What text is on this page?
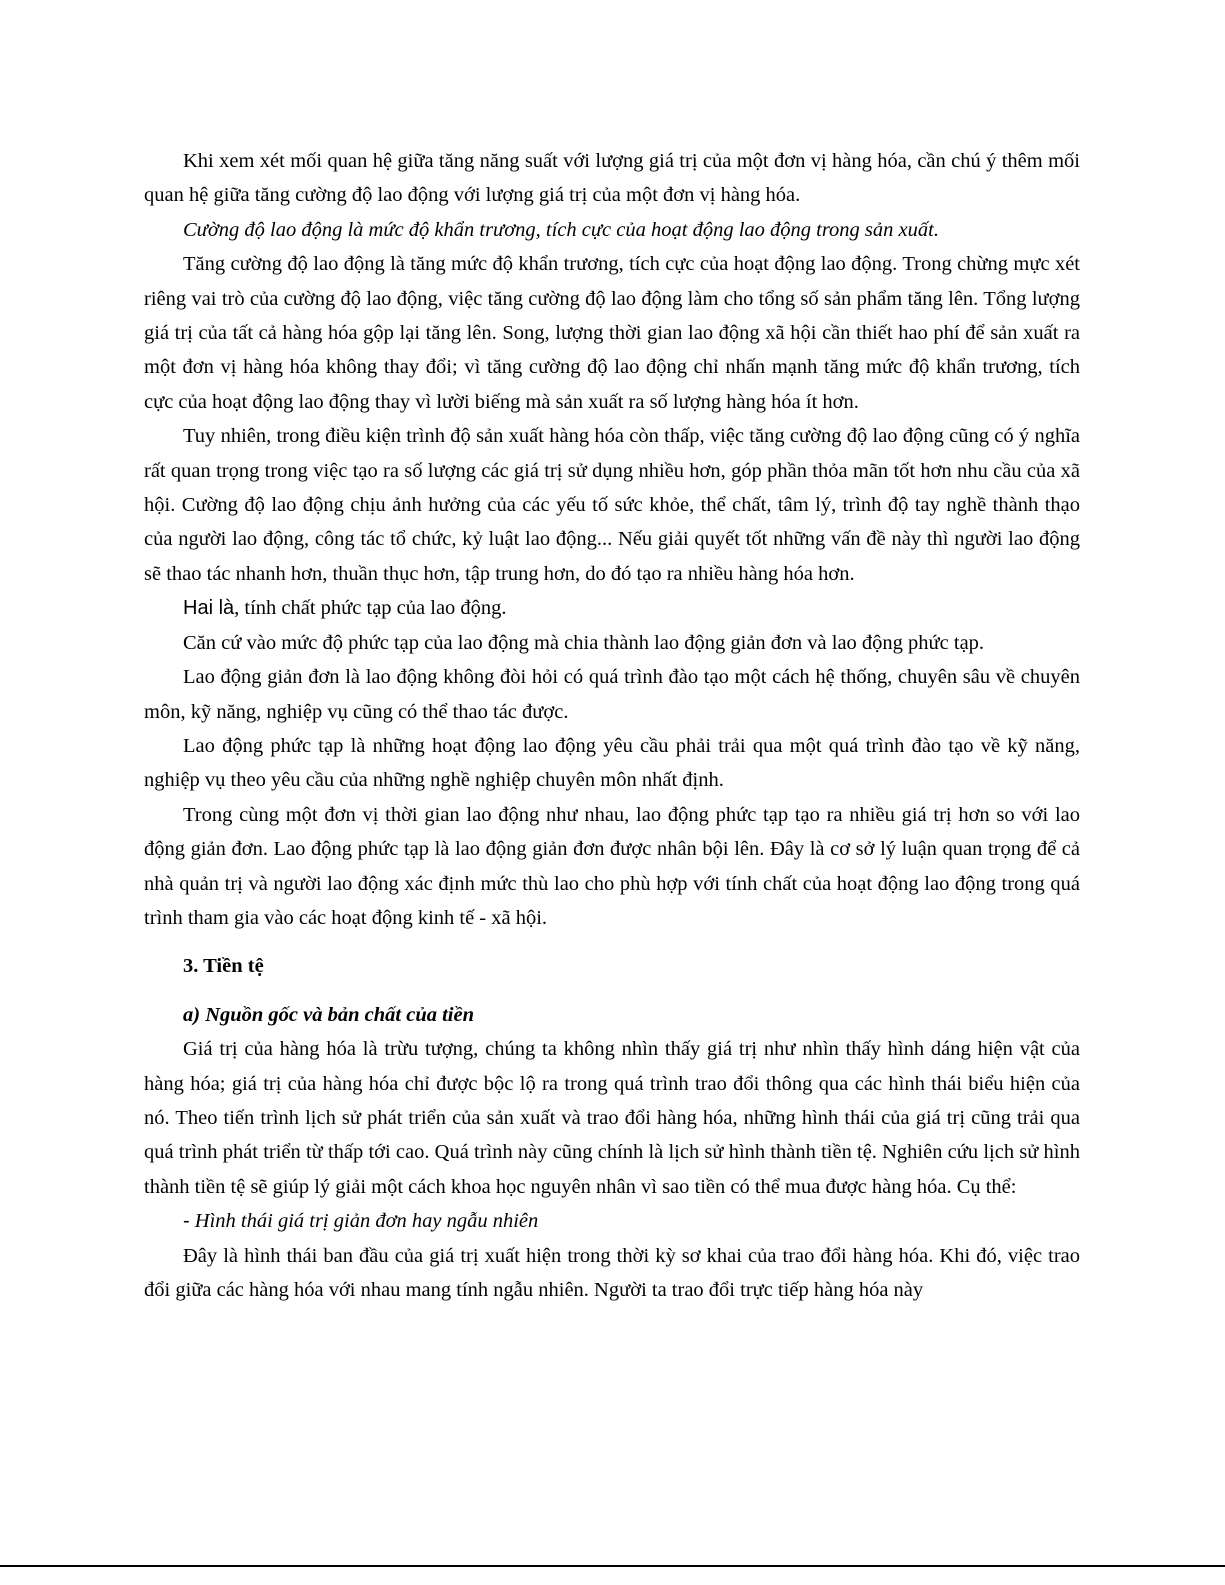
Khi xem xét mối quan hệ giữa tăng năng suất với lượng giá trị của một đơn vị hàng hóa, cần chú ý thêm mối quan hệ giữa tăng cường độ lao động với lượng giá trị của một đơn vị hàng hóa.

Cường độ lao động là mức độ khẩn trương, tích cực của hoạt động lao động trong sản xuất.

Tăng cường độ lao động là tăng mức độ khẩn trương, tích cực của hoạt động lao động. Trong chừng mực xét riêng vai trò của cường độ lao động, việc tăng cường độ lao động làm cho tổng số sản phẩm tăng lên. Tổng lượng giá trị của tất cả hàng hóa gộp lại tăng lên. Song, lượng thời gian lao động xã hội cần thiết hao phí để sản xuất ra một đơn vị hàng hóa không thay đổi; vì tăng cường độ lao động chỉ nhấn mạnh tăng mức độ khẩn trương, tích cực của hoạt động lao động thay vì lười biếng mà sản xuất ra số lượng hàng hóa ít hơn.

Tuy nhiên, trong điều kiện trình độ sản xuất hàng hóa còn thấp, việc tăng cường độ lao động cũng có ý nghĩa rất quan trọng trong việc tạo ra số lượng các giá trị sử dụng nhiều hơn, góp phần thỏa mãn tốt hơn nhu cầu của xã hội. Cường độ lao động chịu ảnh hưởng của các yếu tố sức khỏe, thể chất, tâm lý, trình độ tay nghề thành thạo của người lao động, công tác tổ chức, kỷ luật lao động... Nếu giải quyết tốt những vấn đề này thì người lao động sẽ thao tác nhanh hơn, thuần thục hơn, tập trung hơn, do đó tạo ra nhiều hàng hóa hơn.

Hai là, tính chất phức tạp của lao động.

Căn cứ vào mức độ phức tạp của lao động mà chia thành lao động giản đơn và lao động phức tạp.

Lao động giản đơn là lao động không đòi hỏi có quá trình đào tạo một cách hệ thống, chuyên sâu về chuyên môn, kỹ năng, nghiệp vụ cũng có thể thao tác được.

Lao động phức tạp là những hoạt động lao động yêu cầu phải trải qua một quá trình đào tạo về kỹ năng, nghiệp vụ theo yêu cầu của những nghề nghiệp chuyên môn nhất định.

Trong cùng một đơn vị thời gian lao động như nhau, lao động phức tạp tạo ra nhiều giá trị hơn so với lao động giản đơn. Lao động phức tạp là lao động giản đơn được nhân bội lên. Đây là cơ sở lý luận quan trọng để cả nhà quản trị và người lao động xác định mức thù lao cho phù hợp với tính chất của hoạt động lao động trong quá trình tham gia vào các hoạt động kinh tế - xã hội.

3. Tiền tệ

a) Nguồn gốc và bản chất của tiền

Giá trị của hàng hóa là trừu tượng, chúng ta không nhìn thấy giá trị như nhìn thấy hình dáng hiện vật của hàng hóa; giá trị của hàng hóa chỉ được bộc lộ ra trong quá trình trao đổi thông qua các hình thái biểu hiện của nó. Theo tiến trình lịch sử phát triển của sản xuất và trao đổi hàng hóa, những hình thái của giá trị cũng trải qua quá trình phát triển từ thấp tới cao. Quá trình này cũng chính là lịch sử hình thành tiền tệ. Nghiên cứu lịch sử hình thành tiền tệ sẽ giúp lý giải một cách khoa học nguyên nhân vì sao tiền có thể mua được hàng hóa. Cụ thể:

- Hình thái giá trị giản đơn hay ngẫu nhiên

Đây là hình thái ban đầu của giá trị xuất hiện trong thời kỳ sơ khai của trao đổi hàng hóa. Khi đó, việc trao đổi giữa các hàng hóa với nhau mang tính ngẫu nhiên. Người ta trao đổi trực tiếp hàng hóa này
